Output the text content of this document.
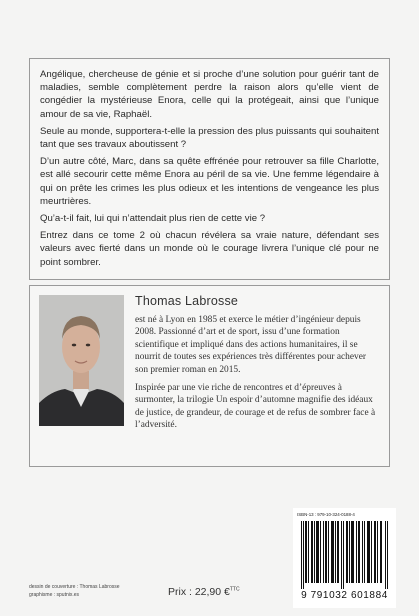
Angélique, chercheuse de génie et si proche d’une solution pour guérir tant de maladies, semble complètement perdre la raison alors qu’elle vient de congédier la mystérieuse Enora, celle qui la protégeait, ainsi que l’unique amour de sa vie, Raphaël.

Seule au monde, supportera-t-elle la pression des plus puissants qui souhaitent tant que ses travaux aboutissent ?

D’un autre côté, Marc, dans sa quête effrénée pour retrouver sa fille Charlotte, est allé secourir cette même Enora au péril de sa vie. Une femme légendaire à qui on prête les crimes les plus odieux et les intentions de vengeance les plus meurtrières.

Qu’a-t-il fait, lui qui n’attendait plus rien de cette vie ?

Entrez dans ce tome 2 où chacun révélera sa vraie nature, défendant ses valeurs avec fierté dans un monde où le courage livrera l’unique clé pour ne point sombrer.

Thomas Labrosse

est né à Lyon en 1985 et exerce le métier d’ingénieur depuis 2008. Passionné d’art et de sport, issu d’une formation scientifique et impliqué dans des actions humanitaires, il se nourrit de toutes ses expériences très différentes pour achever son premier roman en 2015.

Inspirée par une vie riche de rencontres et d’épreuves à surmonter, la trilogie Un espoir d’automne magnifie des idéaux de justice, de grandeur, de courage et de refus de sombrer face à l’adversité.

dessin de couverture : Thomas Labrosse
graphisme : sputnix.es	Prix : 22,90 €$^{TTC}$
ISBN-13 : 979-10-324-0188-4
9 791032 601884
